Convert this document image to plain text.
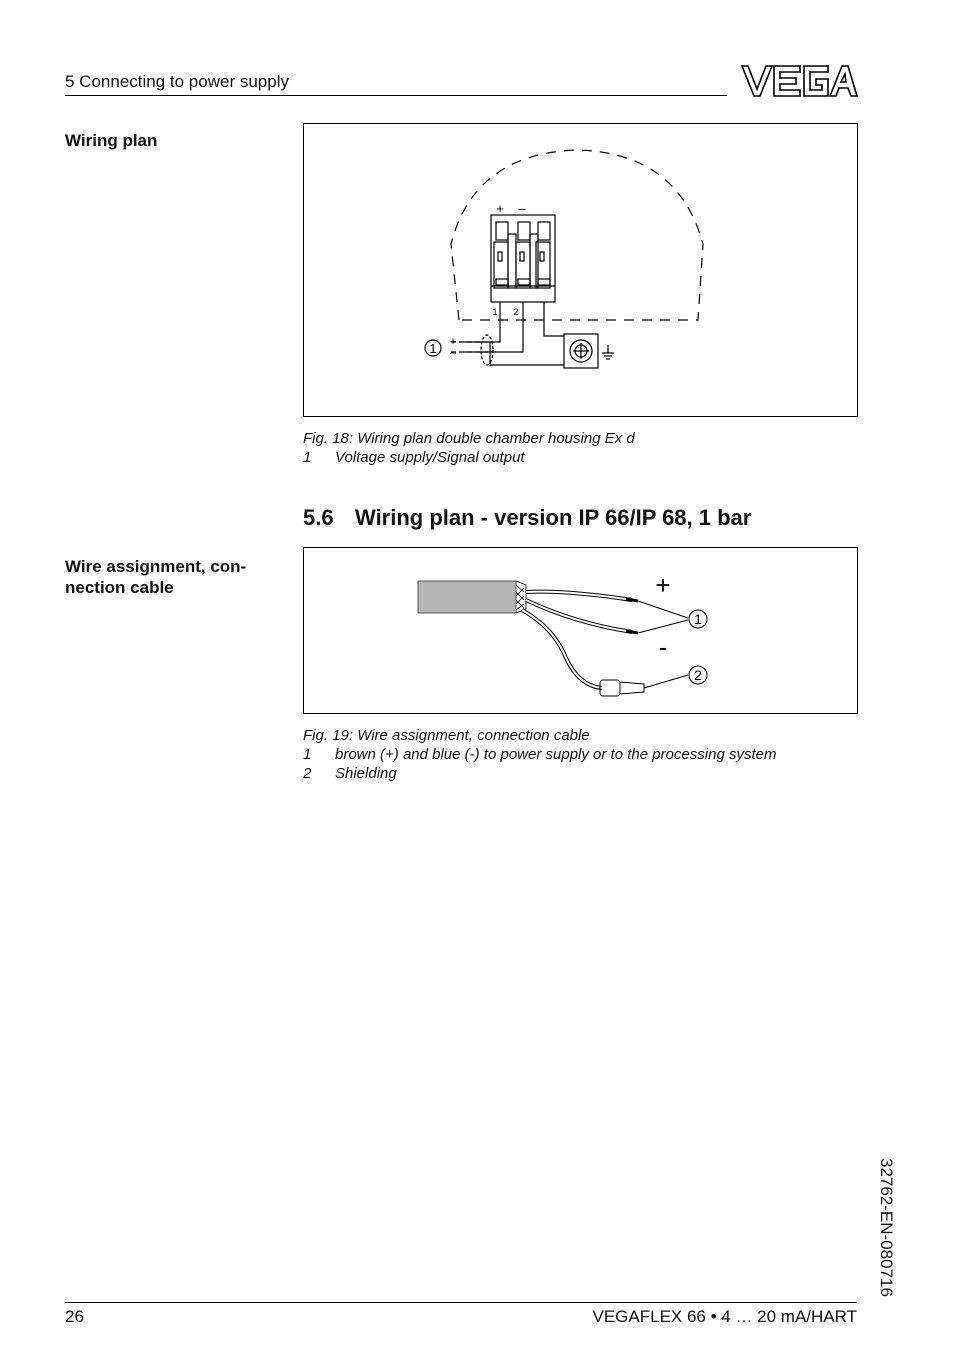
5 Connecting to power supply
Wiring plan
Wire assignment, con-nection cable
+ –
1 2
1 +
–
Fig. 18: Wiring plan double chamber housing Ex d
1 Voltage supply/Signal output
5.6 Wiring plan - version IP 66/IP 68, 1 bar
1
2
+
-
Fig. 19: Wire assignment, connection cable
1 brown (+) and blue (-) to power supply or to the processing system
2 Shielding
32762-EN-080716
26	VEGAFLEX 66 • 4 … 20 mA/HART
